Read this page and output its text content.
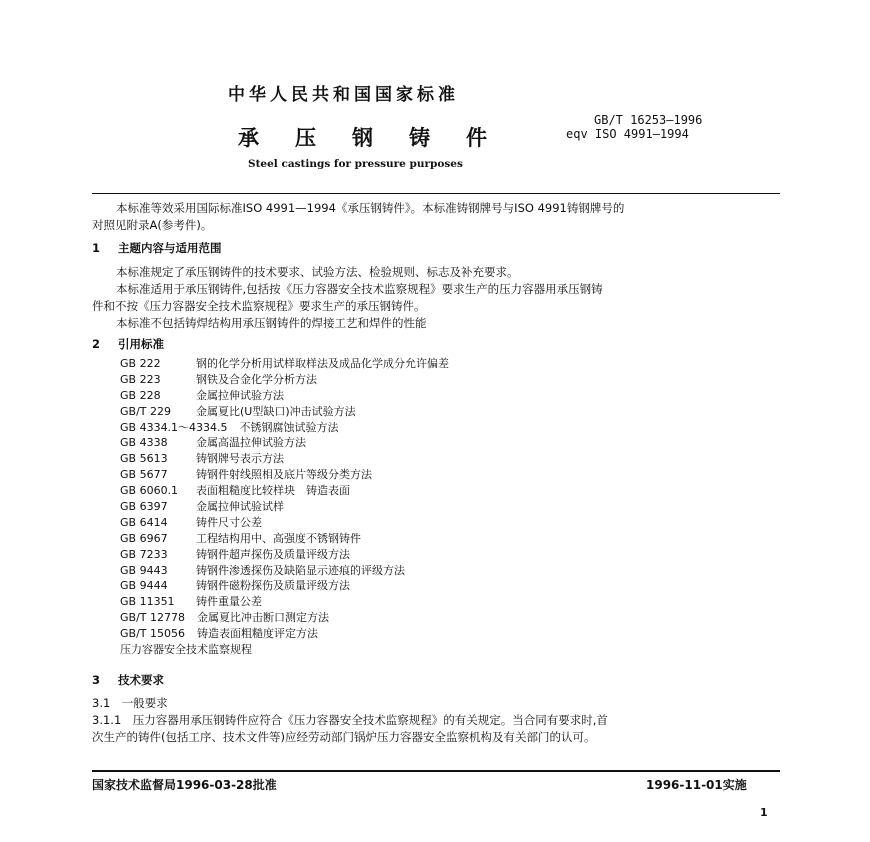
中华人民共和国国家标准
承压钢铸件
Steel castings for pressure purposes
GB/T 16253—1996
eqv ISO 4991—1994
本标准等效采用国际标准ISO 4991—1994《承压钢铸件》。本标准铸钢牌号与ISO 4991铸钢牌号的
对照见附录A(参考件)。
1 主题内容与适用范围
本标准规定了承压钢铸件的技术要求、试验方法、检验规则、标志及补充要求。
本标准适用于承压钢铸件,包括按《压力容器安全技术监察规程》要求生产的压力容器用承压钢铸
件和不按《压力容器安全技术监察规程》要求生产的承压钢铸件。
本标准不包括铸焊结构用承压钢铸件的焊接工艺和焊件的性能
2 引用标准
GB 222	钢的化学分析用试样取样法及成品化学成分允许偏差
GB 223	钢铁及合金化学分析方法
GB 228	金属拉伸试验方法
GB/T 229 金属夏比(U型缺口)冲击试验方法
GB 4334.1～4334.5 不锈钢腐蚀试验方法
GB 4338	金属高温拉伸试验方法
GB 5613	铸钢牌号表示方法
GB 5677	铸钢件射线照相及底片等级分类方法
GB 6060.1 表面粗糙度比较样块　铸造表面
GB 6397	金属拉伸试验试样
GB 6414	铸件尺寸公差
GB 6967	工程结构用中、高强度不锈钢铸件
GB 7233	铸钢件超声探伤及质量评级方法
GB 9443	铸钢件渗透探伤及缺陷显示迹痕的评级方法
GB 9444	铸钢件磁粉探伤及质量评级方法
GB 11351 铸件重量公差
GB/T 12778 金属夏比冲击断口测定方法
GB/T 15056 铸造表面粗糙度评定方法
压力容器安全技术监察规程
3 技术要求
3.1　一般要求
3.1.1　压力容器用承压钢铸件应符合《压力容器安全技术监察规程》的有关规定。当合同有要求时,首
次生产的铸件(包括工序、技术文件等)应经劳动部门锅炉压力容器安全监察机构及有关部门的认可。
国家技术监督局1996-03-28批准	1996-11-01实施
1
